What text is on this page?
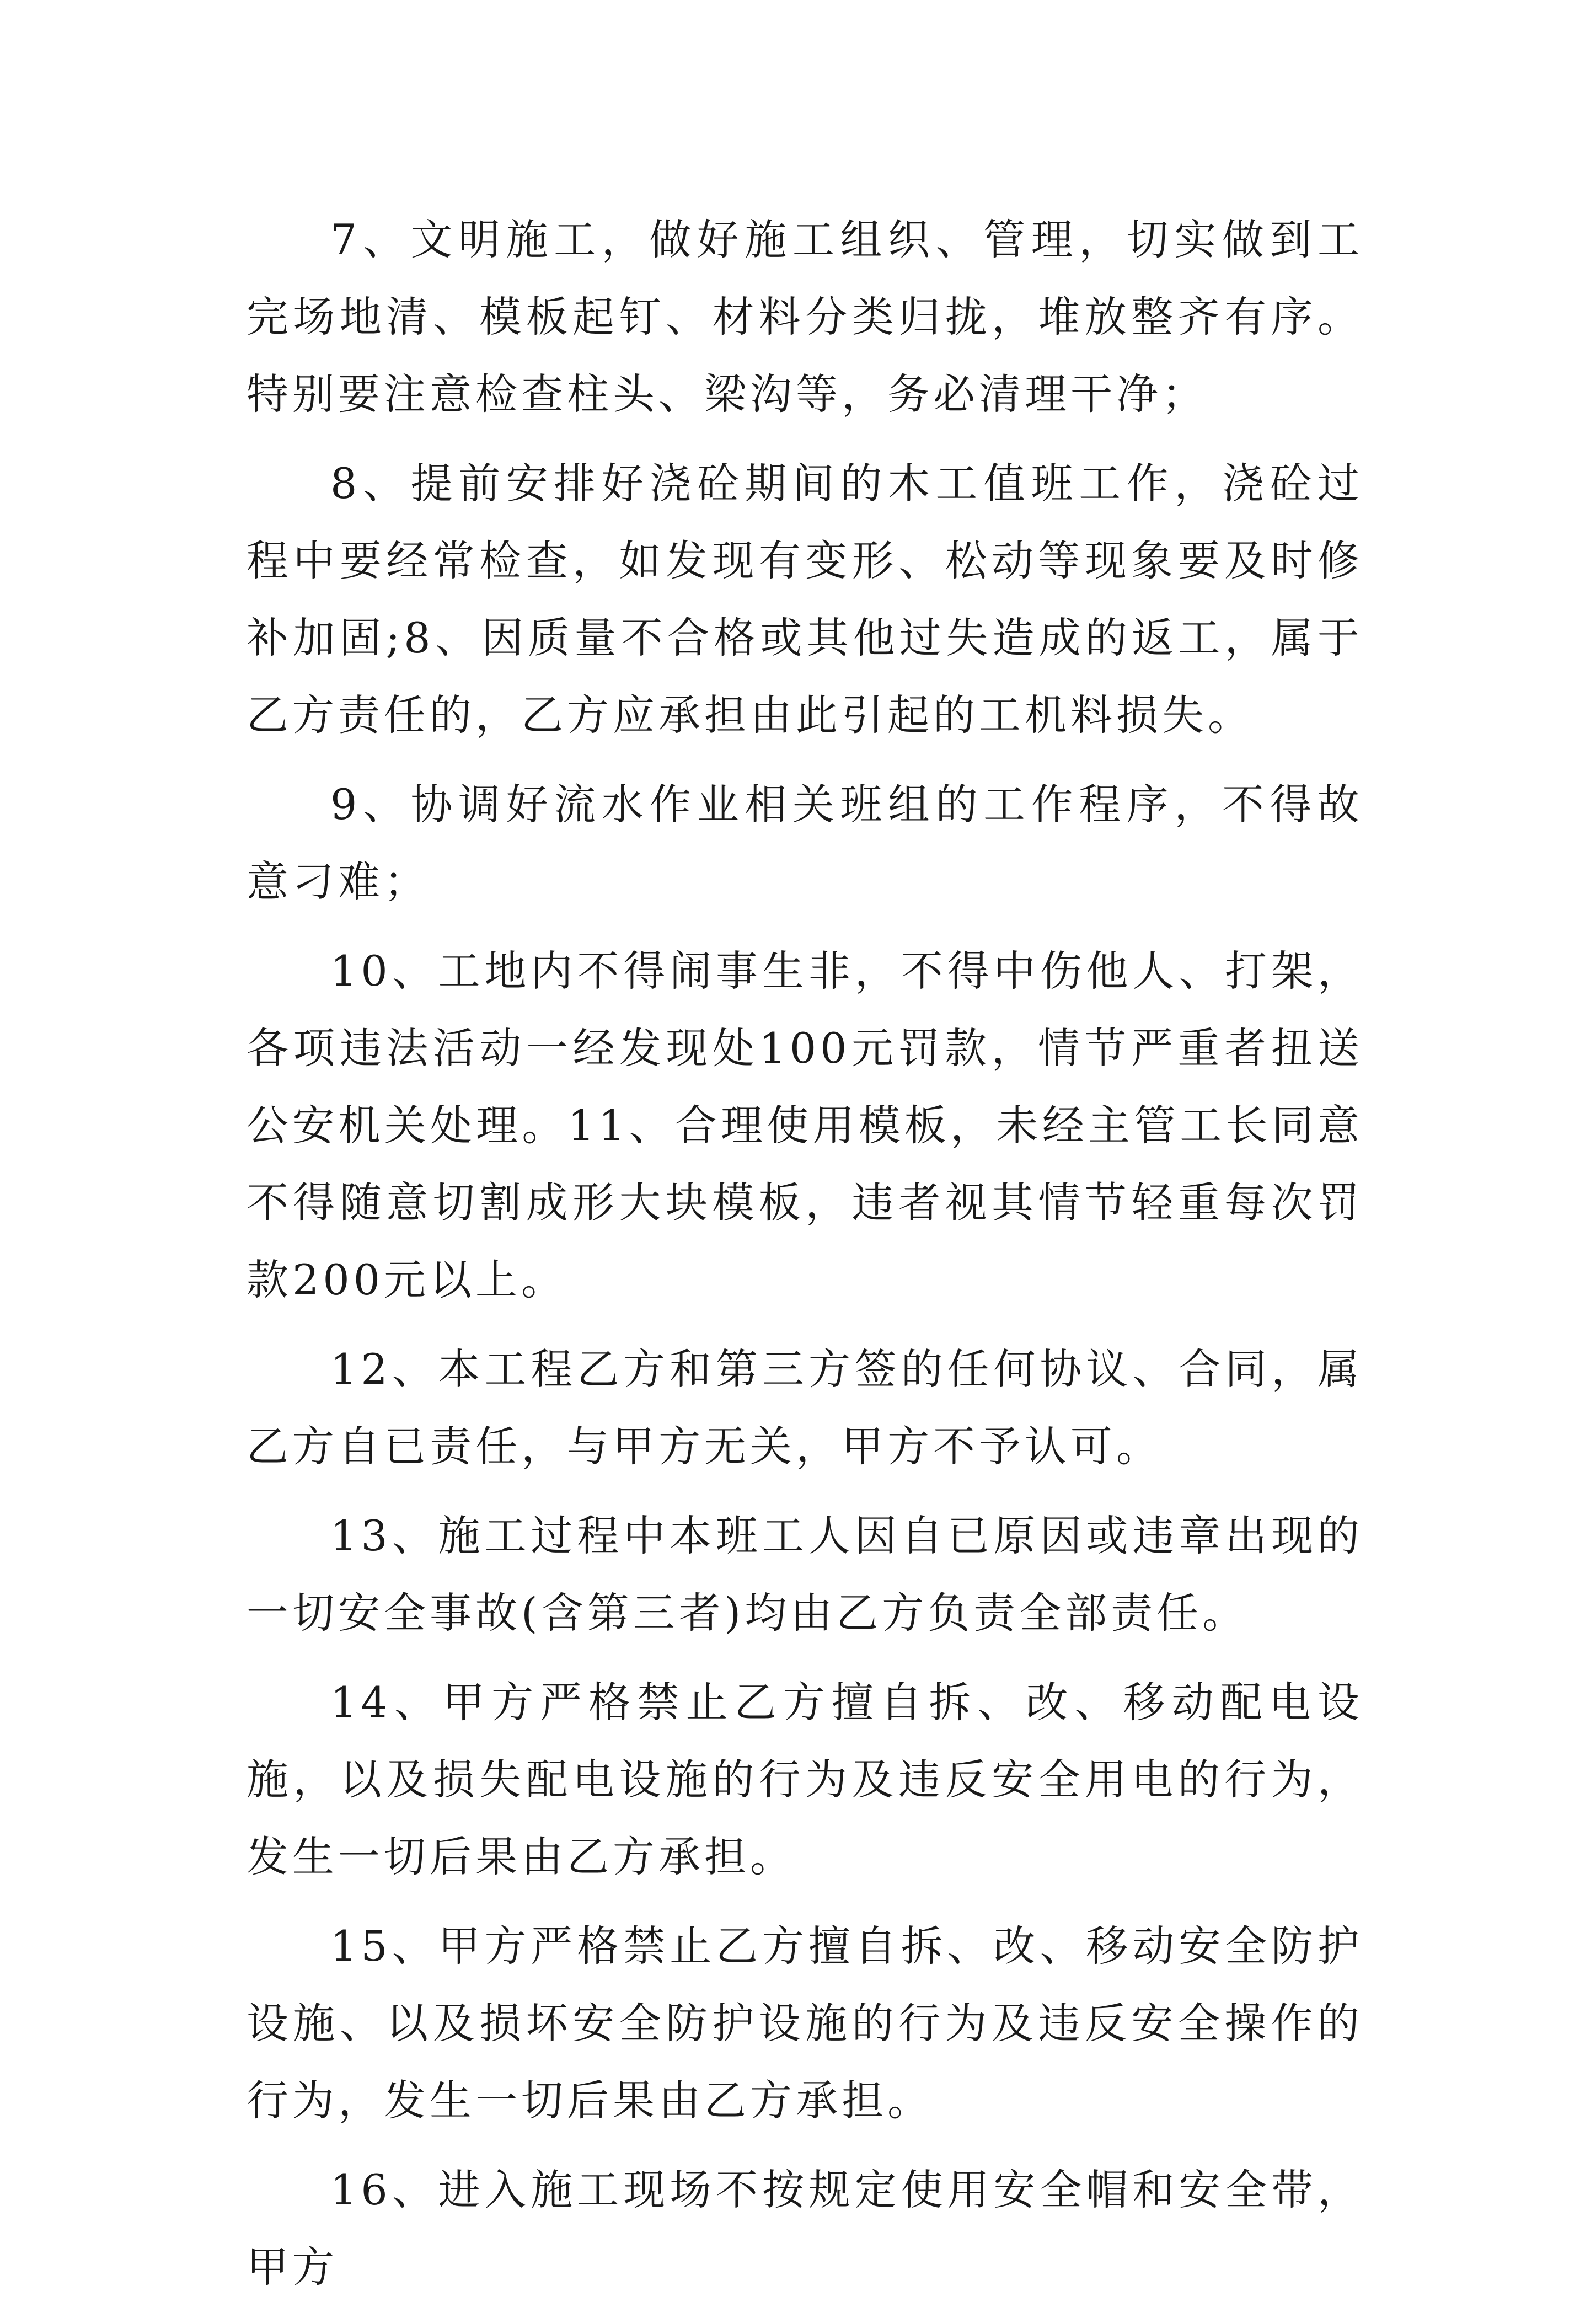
7、文明施工，做好施工组织、管理，切实做到工完场地清、模板起钉、材料分类归拢，堆放整齐有序。特别要注意检查柱头、梁沟等，务必清理干净；

8、提前安排好浇砼期间的木工值班工作，浇砼过程中要经常检查，如发现有变形、松动等现象要及时修补加固;8、因质量不合格或其他过失造成的返工，属于乙方责任的，乙方应承担由此引起的工机料损失。

9、协调好流水作业相关班组的工作程序，不得故意刁难；

10、工地内不得闹事生非，不得中伤他人、打架，各项违法活动一经发现处100元罚款，情节严重者扭送公安机关处理。11、合理使用模板，未经主管工长同意不得随意切割成形大块模板，违者视其情节轻重每次罚款200元以上。

12、本工程乙方和第三方签的任何协议、合同，属乙方自已责任，与甲方无关，甲方不予认可。

13、施工过程中本班工人因自已原因或违章出现的一切安全事故(含第三者)均由乙方负责全部责任。

14、甲方严格禁止乙方擅自拆、改、移动配电设施，以及损失配电设施的行为及违反安全用电的行为，发生一切后果由乙方承担。

15、甲方严格禁止乙方擅自拆、改、移动安全防护设施、以及损坏安全防护设施的行为及违反安全操作的行为，发生一切后果由乙方承担。

16、进入施工现场不按规定使用安全帽和安全带，甲方
